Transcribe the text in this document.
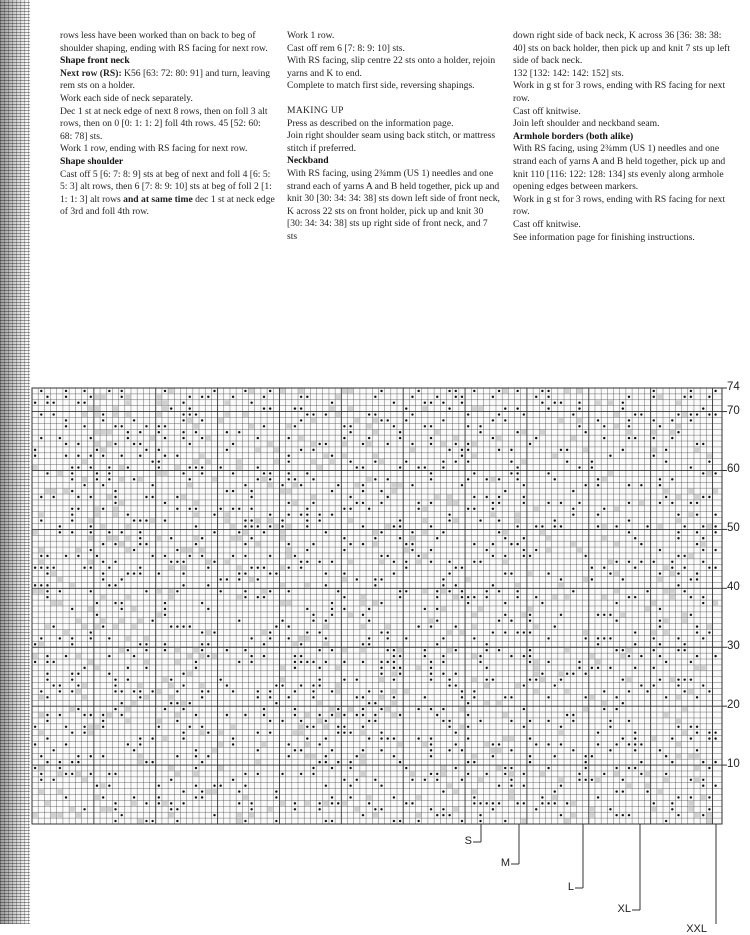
rows less have been worked than on back to beg of shoulder shaping, ending with RS facing for next row.

Shape front neck

Next row (RS): K56 [63: 72: 80: 91] and turn, leaving rem sts on a holder.

Work each side of neck separately.

Dec 1 st at neck edge of next 8 rows, then on foll 3 alt rows, then on 0 [0: 1: 1: 2] foll 4th rows. 45 [52: 60: 68: 78] sts.

Work 1 row, ending with RS facing for next row.

Shape shoulder

Cast off 5 [6: 7: 8: 9] sts at beg of next and foll 4 [6: 5: 5: 3] alt rows, then 6 [7: 8: 9: 10] sts at beg of foll 2 [1: 1: 1: 3] alt rows and at same time dec 1 st at neck edge of 3rd and foll 4th row.

Work 1 row.

Cast off rem 6 [7: 8: 9: 10] sts.

With RS facing, slip centre 22 sts onto a holder, rejoin yarns and K to end.

Complete to match first side, reversing shapings.

MAKING UP

Press as described on the information page.

Join right shoulder seam using back stitch, or mattress stitch if preferred.

Neckband

With RS facing, using 2¾mm (US 1) needles and one strand each of yarns A and B held together, pick up and knit 30 [30: 34: 34: 38] sts down left side of front neck, K across 22 sts on front holder, pick up and knit 30 [30: 34: 34: 38] sts up right side of front neck, and 7 sts

down right side of back neck, K across 36 [36: 38: 38: 40] sts on back holder, then pick up and knit 7 sts up left side of back neck.

132 [132: 142: 142: 152] sts.

Work in g st for 3 rows, ending with RS facing for next row.

Cast off knitwise.

Join left shoulder and neckband seam.

Armhole borders (both alike)

With RS facing, using 2¾mm (US 1) needles and one strand each of yarns A and B held together, pick up and knit 110 [116: 122: 128: 134] sts evenly along armhole opening edges between markers.

Work in g st for 3 rows, ending with RS facing for next row.

Cast off knitwise.

See information page for finishing instructions.

74
70
60
50
40
30
20
10
S
M
L
XL
XXL
